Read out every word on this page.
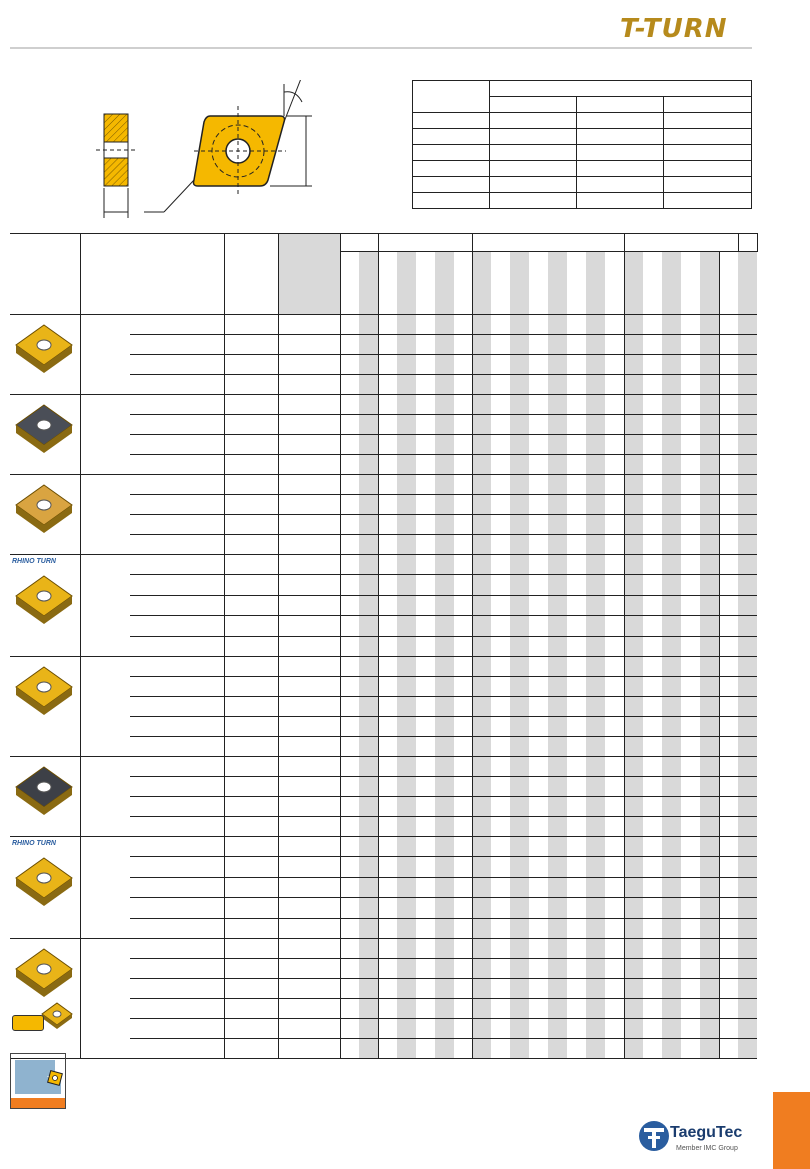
T-TURN

RHINO TURN																											

RHINO TURN																											

TaeguTec
Member IMC Group
